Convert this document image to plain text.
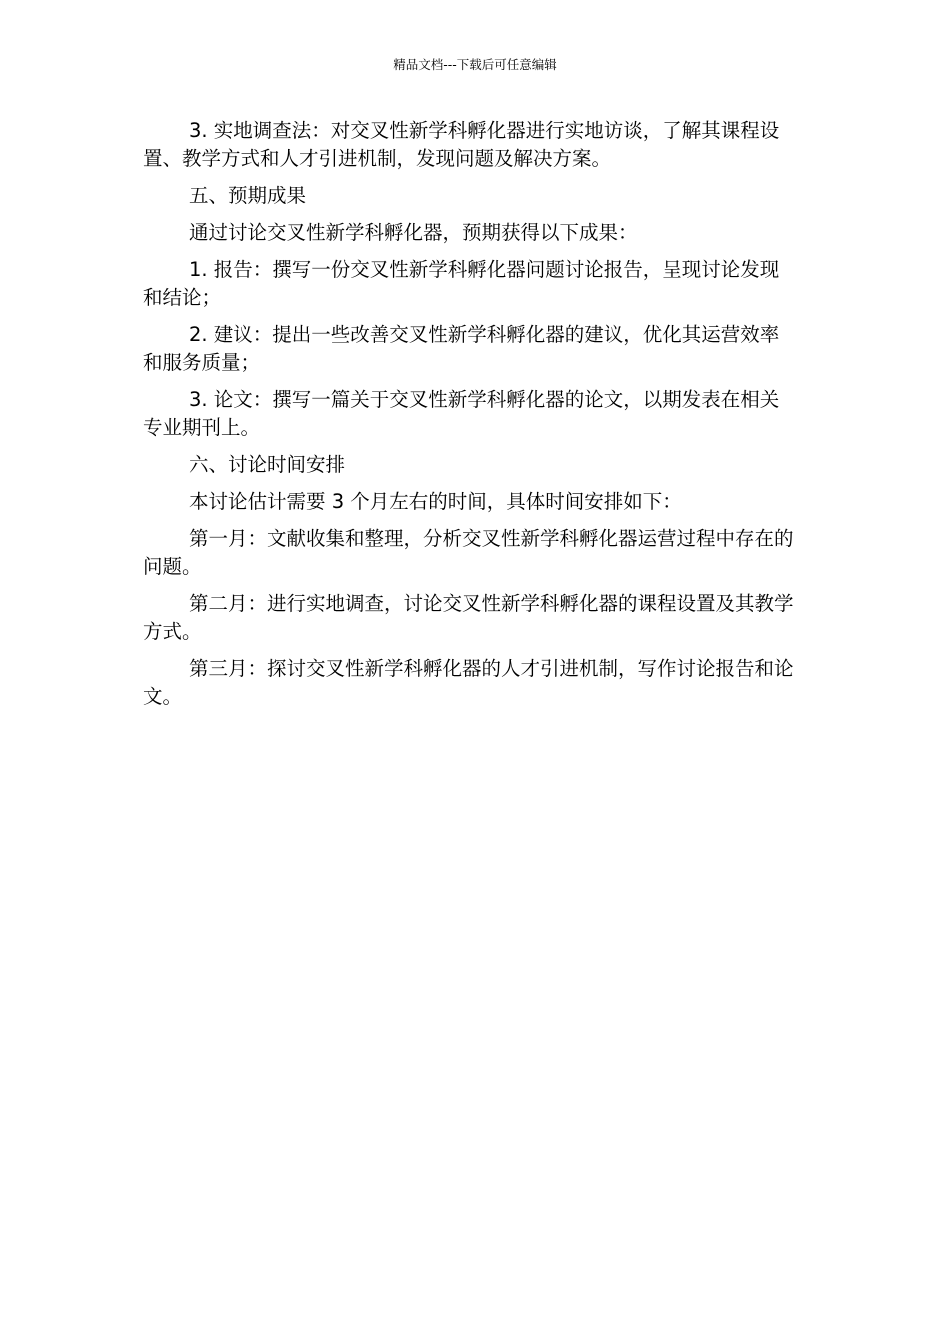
精品文档---下载后可任意编辑

3. 实地调查法：对交叉性新学科孵化器进行实地访谈，了解其课程设置、教学方式和人才引进机制，发现问题及解决方案。

五、预期成果

通过讨论交叉性新学科孵化器，预期获得以下成果：

1. 报告：撰写一份交叉性新学科孵化器问题讨论报告，呈现讨论发现和结论；

2. 建议：提出一些改善交叉性新学科孵化器的建议，优化其运营效率和服务质量；

3. 论文：撰写一篇关于交叉性新学科孵化器的论文，以期发表在相关专业期刊上。

六、讨论时间安排

本讨论估计需要 3 个月左右的时间，具体时间安排如下：

第一月：文献收集和整理，分析交叉性新学科孵化器运营过程中存在的问题。

第二月：进行实地调查，讨论交叉性新学科孵化器的课程设置及其教学方式。

第三月：探讨交叉性新学科孵化器的人才引进机制，写作讨论报告和论文。
